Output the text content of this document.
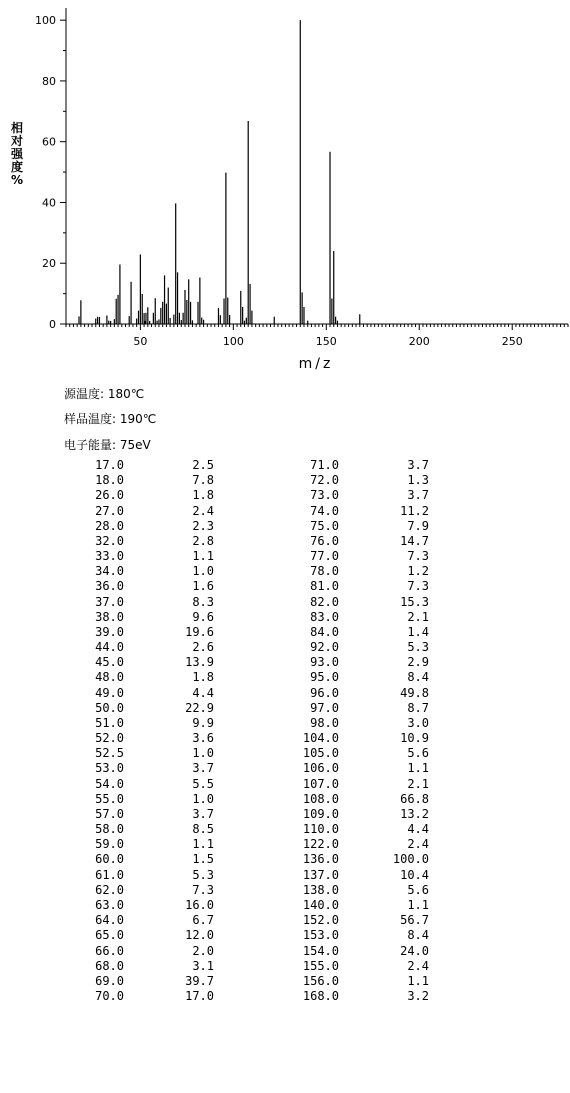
50	100	150	200	250
0
20
40
60
80
100
m/z
相
对
强
度
%
源温度: 180℃
样品温度: 190℃
电子能量: 75eV
17.0	2.5	71.0	3.7
18.0	7.8	72.0	1.3
26.0	1.8	73.0	3.7
27.0	2.4	74.0	11.2
28.0	2.3	75.0	7.9
32.0	2.8	76.0	14.7
33.0	1.1	77.0	7.3
34.0	1.0	78.0	1.2
36.0	1.6	81.0	7.3
37.0	8.3	82.0	15.3
38.0	9.6	83.0	2.1
39.0	19.6	84.0	1.4
44.0	2.6	92.0	5.3
45.0	13.9	93.0	2.9
48.0	1.8	95.0	8.4
49.0	4.4	96.0	49.8
50.0	22.9	97.0	8.7
51.0	9.9	98.0	3.0
52.0	3.6	104.0	10.9
52.5	1.0	105.0	5.6
53.0	3.7	106.0	1.1
54.0	5.5	107.0	2.1
55.0	1.0	108.0	66.8
57.0	3.7	109.0	13.2
58.0	8.5	110.0	4.4
59.0	1.1	122.0	2.4
60.0	1.5	136.0	100.0
61.0	5.3	137.0	10.4
62.0	7.3	138.0	5.6
63.0	16.0	140.0	1.1
64.0	6.7	152.0	56.7
65.0	12.0	153.0	8.4
66.0	2.0	154.0	24.0
68.0	3.1	155.0	2.4
69.0	39.7	156.0	1.1
70.0	17.0	168.0	3.2
